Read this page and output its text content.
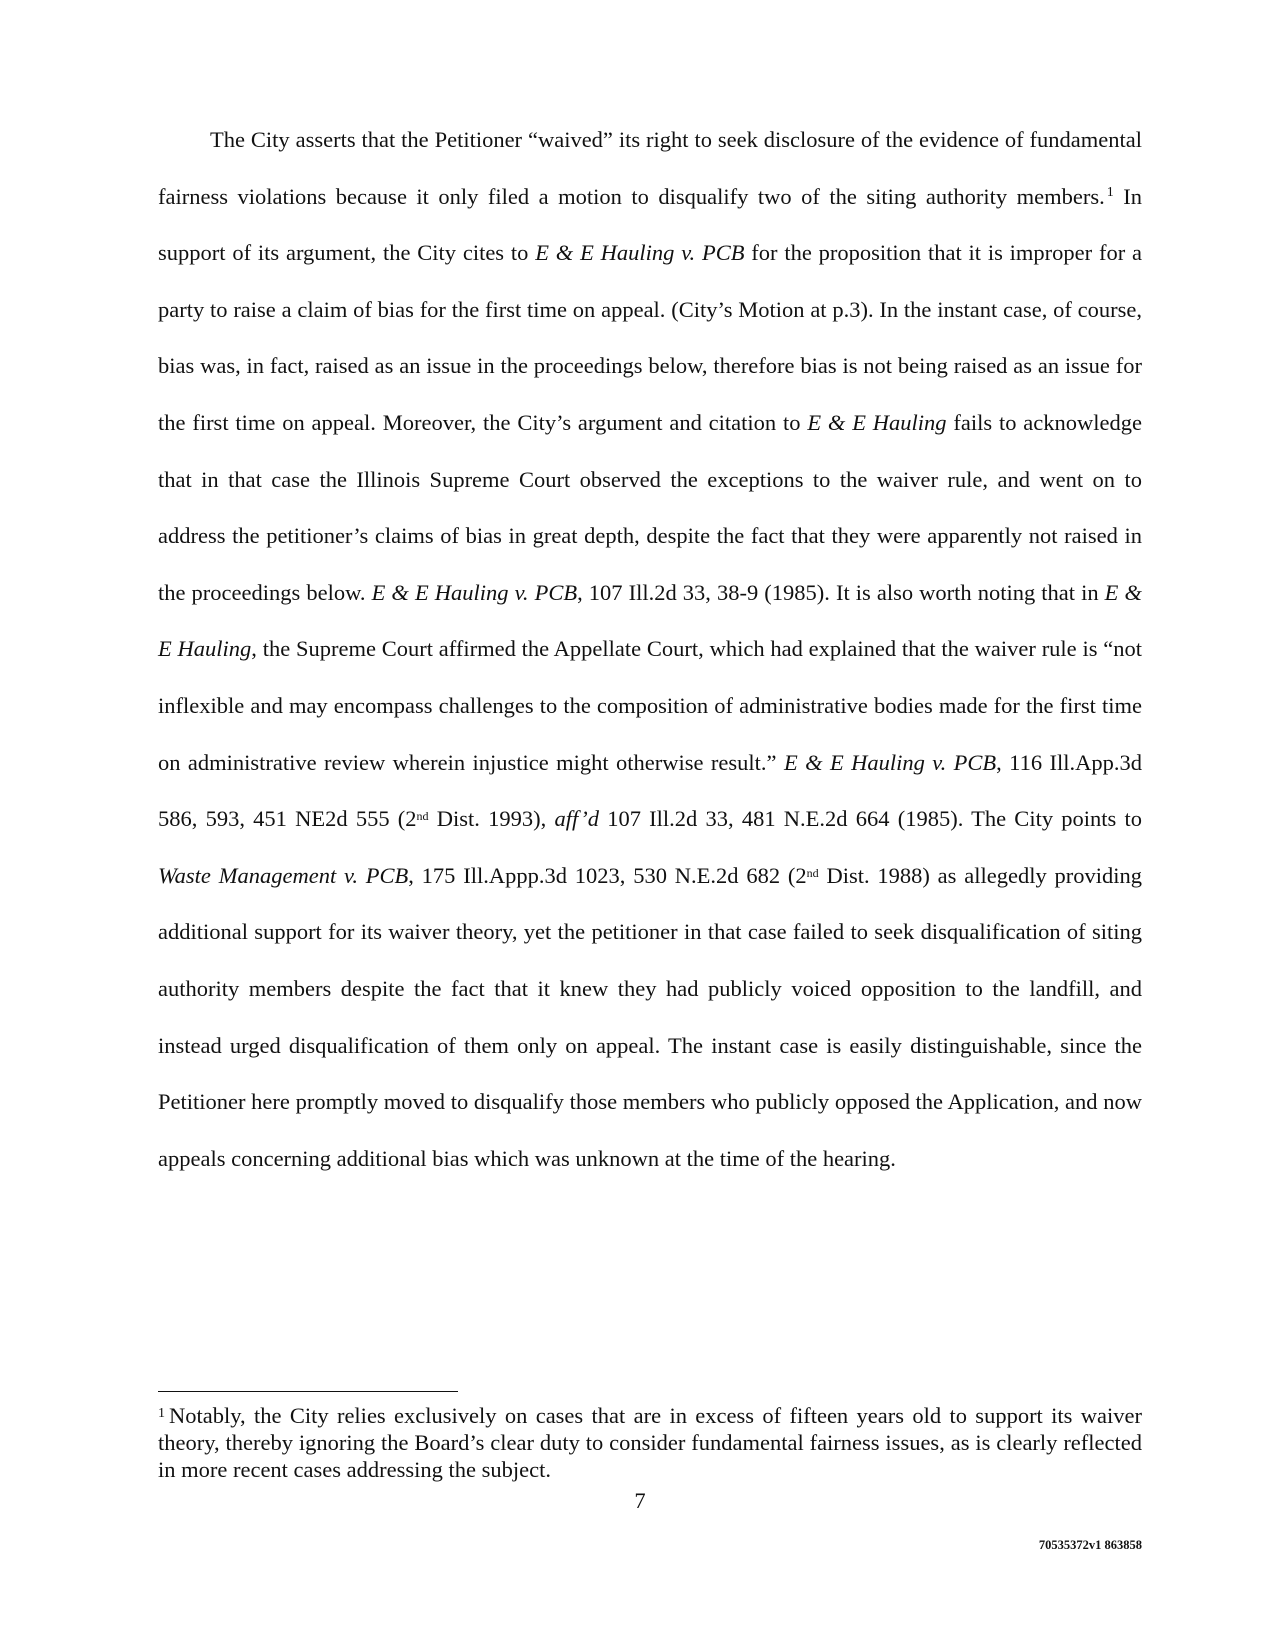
The City asserts that the Petitioner “waived” its right to seek disclosure of the evidence of fundamental fairness violations because it only filed a motion to disqualify two of the siting authority members. $^1$ In support of its argument, the City cites to E & E Hauling v. PCB for the proposition that it is improper for a party to raise a claim of bias for the first time on appeal. (City’s Motion at p.3). In the instant case, of course, bias was, in fact, raised as an issue in the proceedings below, therefore bias is not being raised as an issue for the first time on appeal. Moreover, the City’s argument and citation to E & E Hauling fails to acknowledge that in that case the Illinois Supreme Court observed the exceptions to the waiver rule, and went on to address the petitioner’s claims of bias in great depth, despite the fact that they were apparently not raised in the proceedings below. E & E Hauling v. PCB, 107 Ill.2d 33, 38-9 (1985). It is also worth noting that in E & E Hauling, the Supreme Court affirmed the Appellate Court, which had explained that the waiver rule is “not inflexible and may encompass challenges to the composition of administrative bodies made for the first time on administrative review wherein injustice might otherwise result.” E & E Hauling v. PCB, 116 Ill.App.3d 586, 593, 451 NE2d 555 (2nd Dist. 1993), aff’d 107 Ill.2d 33, 481 N.E.2d 664 (1985). The City points to Waste Management v. PCB, 175 Ill.Appp.3d 1023, 530 N.E.2d 682 (2nd Dist. 1988) as allegedly providing additional support for its waiver theory, yet the petitioner in that case failed to seek disqualification of siting authority members despite the fact that it knew they had publicly voiced opposition to the landfill, and instead urged disqualification of them only on appeal. The instant case is easily distinguishable, since the Petitioner here promptly moved to disqualify those members who publicly opposed the Application, and now appeals concerning additional bias which was unknown at the time of the hearing.

$^1$ Notably, the City relies exclusively on cases that are in excess of fifteen years old to support its waiver theory, thereby ignoring the Board’s clear duty to consider fundamental fairness issues, as is clearly reflected in more recent cases addressing the subject.

7
70535372v1 863858
